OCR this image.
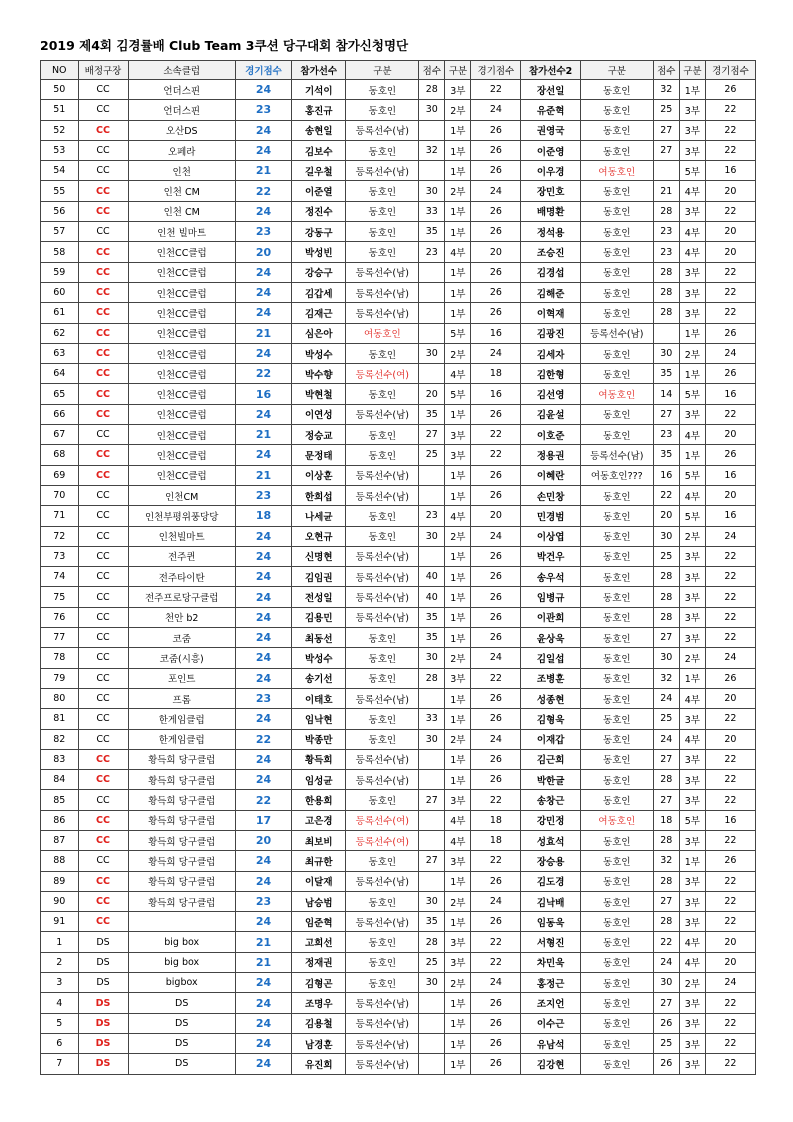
2019 제4회 김경률배 Club Team 3쿠션 당구대회 참가신청명단
NO	배정구장	소속클럽	경기점수	참가선수	구분	점수	구분	경기점수	참가선수2	구분	점수	구분	경기점수
50	CC	언더스핀	24	기석이	동호인	28	3부	22	장선일	동호인	32	1부	26
51	CC	언더스핀	23	홍진규	동호인	30	2부	24	유준혁	동호인	25	3부	22
52	CC	오산DS	24	송현일	등록선수(남)		1부	26	권영국	동호인	27	3부	22
53	CC	오페라	24	김보수	동호인	32	1부	26	이준영	동호인	27	3부	22
54	CC	인천	21	길우철	등록선수(남)		1부	26	이우경	여동호인		5부	16
55	CC	인천 CM	22	이준열	동호인	30	2부	24	장민호	동호인	21	4부	20
56	CC	인천 CM	24	정진수	동호인	33	1부	26	배명환	동호인	28	3부	22
57	CC	인천 빌마트	23	강동구	동호인	35	1부	26	정석용	동호인	23	4부	20
58	CC	인천CC클럽	20	박성빈	동호인	23	4부	20	조승진	동호인	23	4부	20
59	CC	인천CC클럽	24	강승구	등록선수(남)		1부	26	김경섭	동호인	28	3부	22
60	CC	인천CC클럽	24	김갑세	등록선수(남)		1부	26	김해준	동호인	28	3부	22
61	CC	인천CC클럽	24	김재근	등록선수(남)		1부	26	이혁재	동호인	28	3부	22
62	CC	인천CC클럽	21	심은아	여동호인		5부	16	김광진	등록선수(남)		1부	26
63	CC	인천CC클럽	24	박성수	동호인	30	2부	24	김세자	동호인	30	2부	24
64	CC	인천CC클럽	22	박수향	등록선수(여)		4부	18	김한형	동호인	35	1부	26
65	CC	인천CC클럽	16	박현철	동호인	20	5부	16	김선영	여동호인	14	5부	16
66	CC	인천CC클럽	24	이연성	등록선수(남)	35	1부	26	김윤설	동호인	27	3부	22
67	CC	인천CC클럽	21	정승교	동호인	27	3부	22	이호준	동호인	23	4부	20
68	CC	인천CC클럽	24	문정태	동호인	25	3부	22	정용권	등록선수(남)	35	1부	26
69	CC	인천CC클럽	21	이상훈	등록선수(남)		1부	26	이혜란	여동호인???	16	5부	16
70	CC	인천CM	23	한희섭	등록선수(남)		1부	26	손민창	동호인	22	4부	20
71	CC	인천부평위풍당당	18	나세균	동호인	23	4부	20	민경범	동호인	20	5부	16
72	CC	인천빌마트	24	오현규	동호인	30	2부	24	이상엽	동호인	30	2부	24
73	CC	전주퀸	24	신명현	등록선수(남)		1부	26	박건우	동호인	25	3부	22
74	CC	전주타이탄	24	김임권	등록선수(남)	40	1부	26	송우석	동호인	28	3부	22
75	CC	전주프로당구클럽	24	전성일	등록선수(남)	40	1부	26	임병규	동호인	28	3부	22
76	CC	천안 b2	24	김용민	등록선수(남)	35	1부	26	이관희	동호인	28	3부	22
77	CC	코줌	24	최동선	동호인	35	1부	26	윤상욱	동호인	27	3부	22
78	CC	코줌(시흥)	24	박성수	동호인	30	2부	24	김일섭	동호인	30	2부	24
79	CC	포인트	24	송기선	동호인	28	3부	22	조병훈	동호인	32	1부	26
80	CC	프롬	23	이태호	등록선수(남)		1부	26	성종현	동호인	24	4부	20
81	CC	한게임클럽	24	임낙현	동호인	33	1부	26	김형욱	동호인	25	3부	22
82	CC	한게임클럽	22	박종만	동호인	30	2부	24	이재갑	동호인	24	4부	20
83	CC	황득희 당구클럽	24	황득희	등록선수(남)		1부	26	김근희	동호인	27	3부	22
84	CC	황득희 당구클럽	24	임성균	등록선수(남)		1부	26	박한글	동호인	28	3부	22
85	CC	황득희 당구클럽	22	한용희	동호인	27	3부	22	송창근	동호인	27	3부	22
86	CC	황득희 당구클럽	17	고은경	등록선수(여)		4부	18	강민정	여동호인	18	5부	16
87	CC	황득희 당구클럽	20	최보비	등록선수(여)		4부	18	성효석	동호인	28	3부	22
88	CC	황득희 당구클럽	24	최규한	동호인	27	3부	22	장승용	동호인	32	1부	26
89	CC	황득희 당구클럽	24	이달재	등록선수(남)		1부	26	김도경	동호인	28	3부	22
90	CC	황득희 당구클럽	23	남승범	동호인	30	2부	24	김낙배	동호인	27	3부	22
91	CC		24	임준혁	등록선수(남)	35	1부	26	임동욱	동호인	28	3부	22
1	DS	big box	21	고희선	동호인	28	3부	22	서형진	동호인	22	4부	20
2	DS	big box	21	정재권	동호인	25	3부	22	차민욱	동호인	24	4부	20
3	DS	bigbox	24	김형곤	동호인	30	2부	24	홍정근	동호인	30	2부	24
4	DS	DS	24	조명우	등록선수(남)		1부	26	조지언	동호인	27	3부	22
5	DS	DS	24	김용철	등록선수(남)		1부	26	이수근	동호인	26	3부	22
6	DS	DS	24	남경훈	등록선수(남)		1부	26	유남석	동호인	25	3부	22
7	DS	DS	24	유진희	등록선수(남)		1부	26	김강현	동호인	26	3부	22
